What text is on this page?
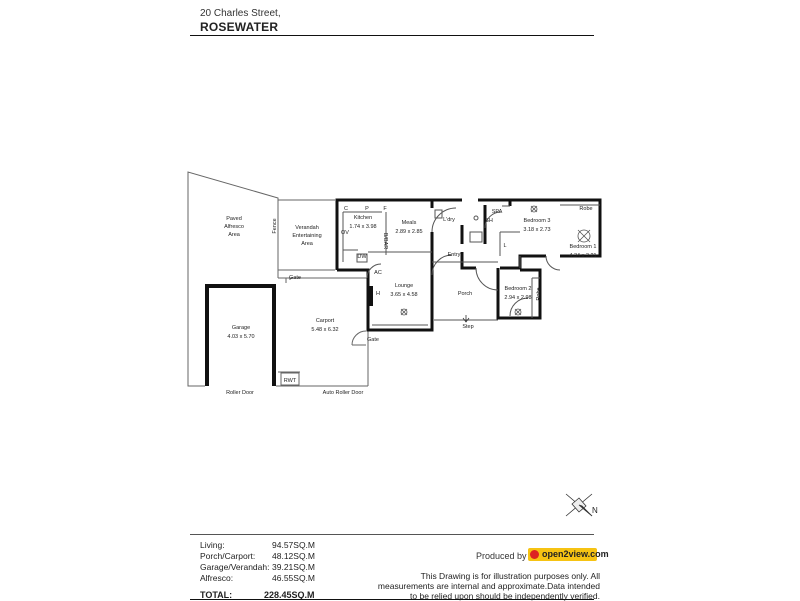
20 Charles Street,
ROSEWATER
N
Paved
Alfresco
Area
Fence	Verandah
Entertaining
Area
Kitchen
1.74 x 3.98
Meals
2.89 x 2.85
L'dry
SPA
Bedroom 3
3.18 x 2.73
Robe
Bedroom 1
4.34 x 3.21
Entry
Lounge
3.65 x 4.58	Porch
Bedroom 2
2.94 x 2.98 Robe
Garage
4.03 x 5.70
Carport
5.48 x 6.32
Gate
Gate
Step
RWT
Roller Door	Auto Roller Door
AC
H
DW
OV	B/BAR
C	P	F
L
SH
Living:	94.57SQ.M
Porch/Carport: 48.12SQ.M
Garage/Verandah: 39.21SQ.M
Alfresco:	46.55SQ.M
TOTAL:	228.45SQ.M
Produced by open2view.com
This Drawing is for illustration purposes only. All measurements are internal and approximate.Data intended to be relied upon should be independently verified.
